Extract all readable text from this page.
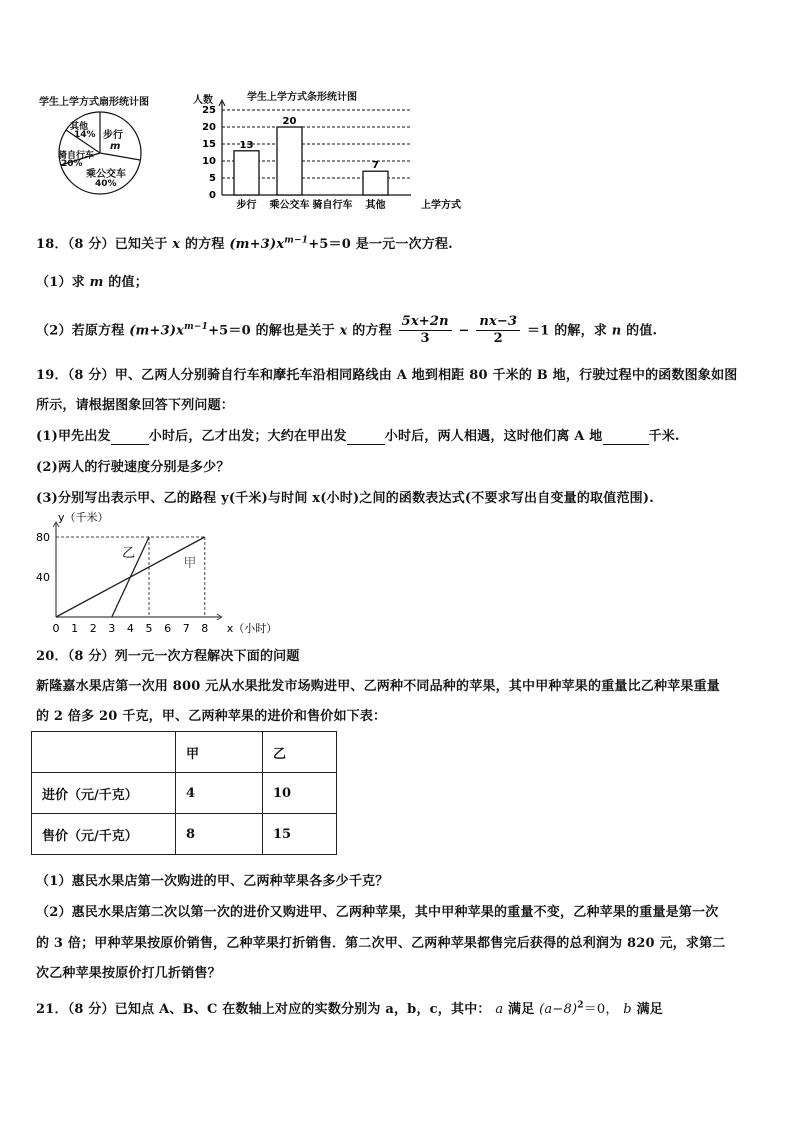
学生上学方式扇形统计图
其他
14% 步行
m
骑自行车
20%
乘公交车
40%
学生上学方式条形统计图
人数
0
5
10
15
20
25
13
步行
20
乘公交车 骑自行车
7
其他	上学方式
18．（8 分）已知关于 x 的方程 $(m+3)x^{m-1}+5=0$ 是一元一次方程.
（1）求 m 的值；
（2）若原方程 $(m+3)x^{m-1}+5=0$ 的解也是关于 x 的方程 $\frac{5x+2n}{3} - \frac{nx-3}{2} =1$ 的解，求 n 的值.
19．（8 分）甲、乙两人分别骑自行车和摩托车沿相同路线由 A 地到相距 80 千米的 B 地，行驶过程中的函数图象如图
所示，请根据图象回答下列问题：
(1)甲先出发	小时后，乙才出发；大约在甲出发	小时后，两人相遇，这时他们离 A 地	千米.
(2)两人的行驶速度分别是多少？
(3)分别写出表示甲、乙的路程 y(千米)与时间 x(小时)之间的函数表达式(不要求写出自变量的取值范围).
0 1 2 3 4 5 6 7 8
40
80
乙
甲
y（千米）
x（小时）
20．（8 分）列一元一次方程解决下面的问题
新隆嘉水果店第一次用 800 元从水果批发市场购进甲、乙两种不同品种的苹果，其中甲种苹果的重量比乙种苹果重量
的 2 倍多 20 千克，甲、乙两种苹果的进价和售价如下表：
	甲	乙
进价（元/千克）	4	10
售价（元/千克）	8	15
（1）惠民水果店第一次购进的甲、乙两种苹果各多少千克？
（2）惠民水果店第二次以第一次的进价又购进甲、乙两种苹果，其中甲种苹果的重量不变，乙种苹果的重量是第一次
的 3 倍；甲种苹果按原价销售，乙种苹果打折销售．第二次甲、乙两种苹果都售完后获得的总利润为 820 元，求第二
次乙种苹果按原价打几折销售？
21．（8 分）已知点 A、B、C 在数轴上对应的实数分别为 a，b，c，其中： a 满足 $(a-8)^2=0$， b 满足
